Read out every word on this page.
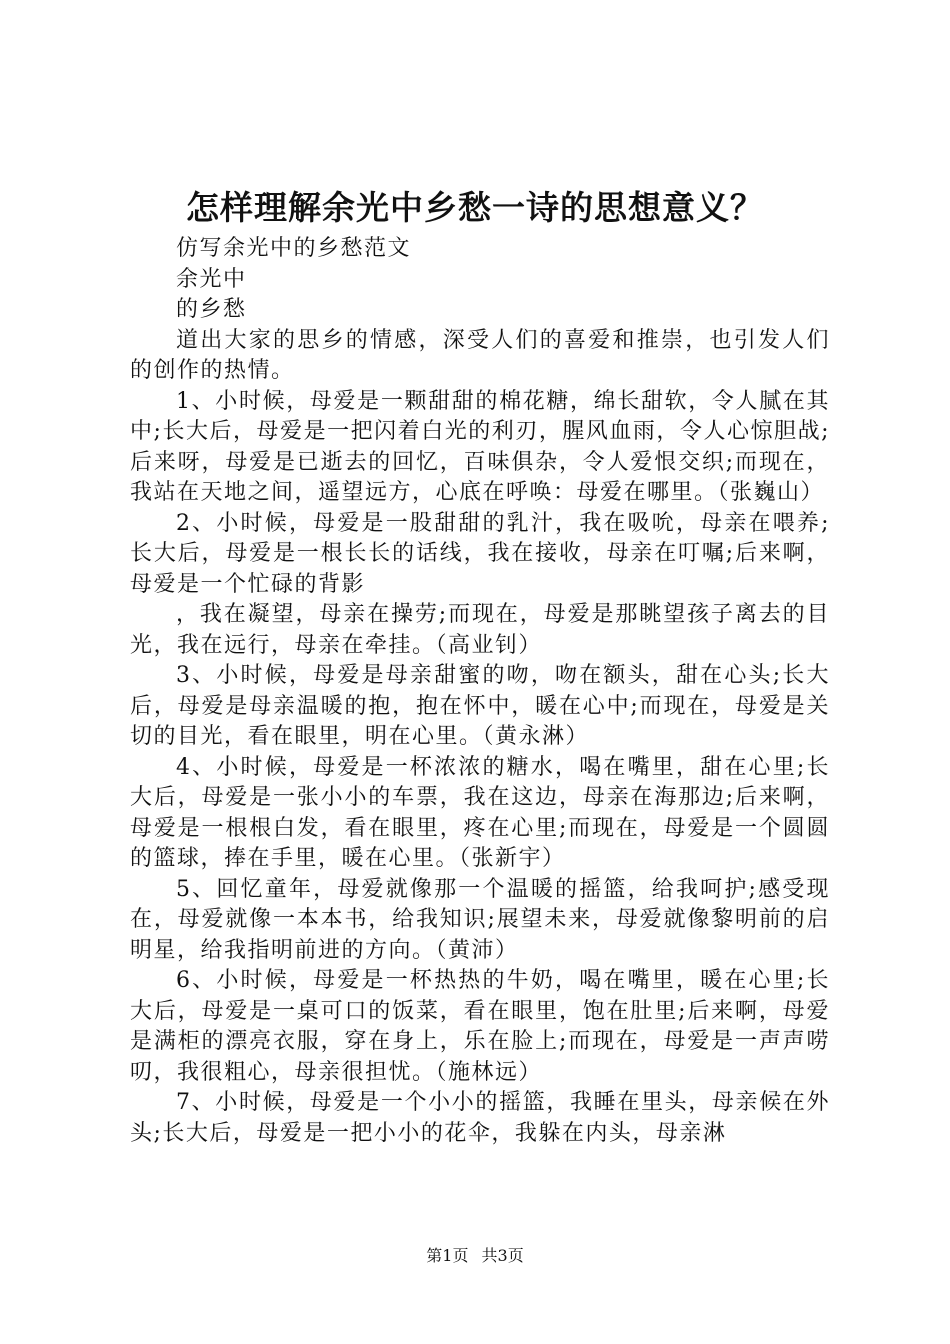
怎样理解余光中乡愁一诗的思想意义？

仿写余光中的乡愁范文

余光中

的乡愁

道出大家的思乡的情感，深受人们的喜爱和推崇，也引发人们的创作的热情。

1、小时候，母爱是一颗甜甜的棉花糖，绵长甜软，令人腻在其中;长大后，母爱是一把闪着白光的利刃，腥风血雨，令人心惊胆战;后来呀，母爱是已逝去的回忆，百味俱杂，令人爱恨交织;而现在，我站在天地之间，遥望远方，心底在呼唤：母爱在哪里。（张巍山）

2、小时候，母爱是一股甜甜的乳汁，我在吸吮，母亲在喂养;长大后，母爱是一根长长的话线，我在接收，母亲在叮嘱;后来啊，母爱是一个忙碌的背影

，我在凝望，母亲在操劳;而现在，母爱是那眺望孩子离去的目光，我在远行，母亲在牵挂。（高业钊）

3、小时候，母爱是母亲甜蜜的吻，吻在额头，甜在心头;长大后，母爱是母亲温暖的抱，抱在怀中，暖在心中;而现在，母爱是关切的目光，看在眼里，明在心里。（黄永淋）

4、小时候，母爱是一杯浓浓的糖水，喝在嘴里，甜在心里;长大后，母爱是一张小小的车票，我在这边，母亲在海那边;后来啊，母爱是一根根白发，看在眼里，疼在心里;而现在，母爱是一个圆圆的篮球，捧在手里，暖在心里。（张新宇）

5、回忆童年，母爱就像那一个温暖的摇篮，给我呵护;感受现在，母爱就像一本本书，给我知识;展望未来，母爱就像黎明前的启明星，给我指明前进的方向。（黄沛）

6、小时候，母爱是一杯热热的牛奶，喝在嘴里，暖在心里;长大后，母爱是一桌可口的饭菜，看在眼里，饱在肚里;后来啊，母爱是满柜的漂亮衣服，穿在身上，乐在脸上;而现在，母爱是一声声唠叨，我很粗心，母亲很担忧。（施林远）

7、小时候，母爱是一个小小的摇篮，我睡在里头，母亲候在外头;长大后，母爱是一把小小的花伞，我躲在内头，母亲淋

第1页 共3页
